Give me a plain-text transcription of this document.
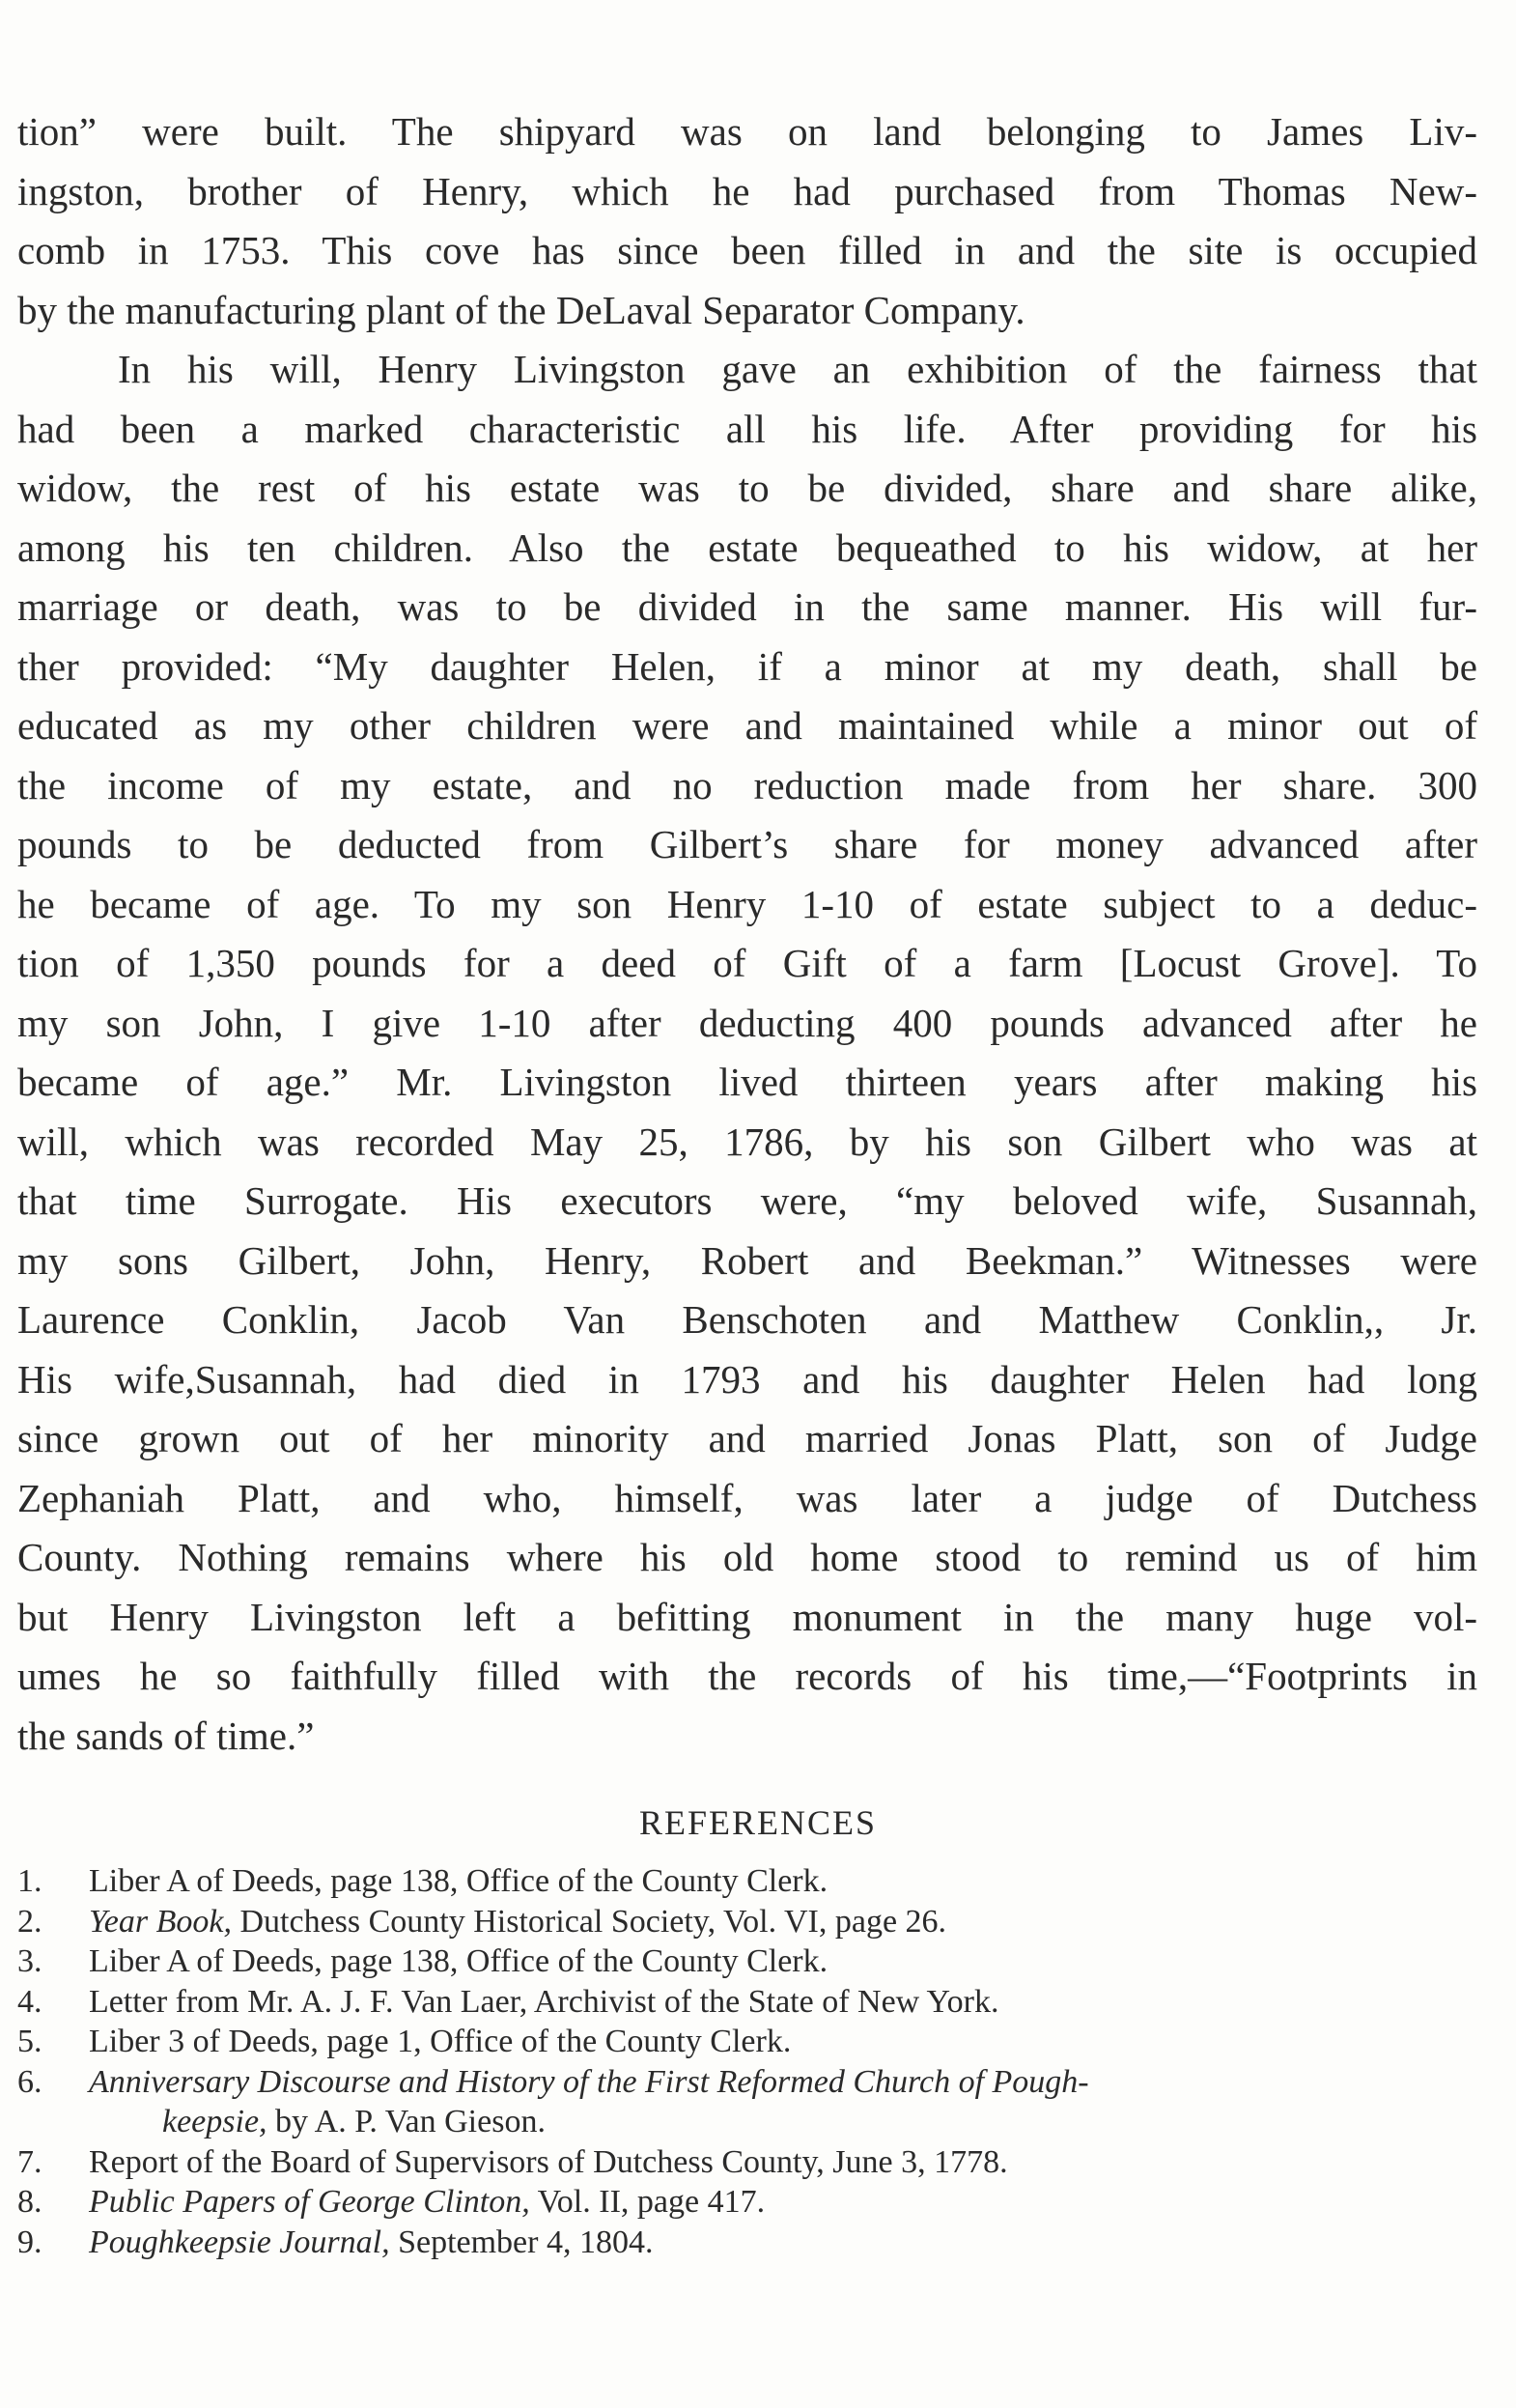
tion” were built. The shipyard was on land belonging to James Liv-
ingston, brother of Henry, which he had purchased from Thomas New-
comb in 1753. This cove has since been filled in and the site is occupied
by the manufacturing plant of the DeLaval Separator Company.
In his will, Henry Livingston gave an exhibition of the fairness that
had been a marked characteristic all his life. After providing for his
widow, the rest of his estate was to be divided, share and share alike,
among his ten children. Also the estate bequeathed to his widow, at her
marriage or death, was to be divided in the same manner. His will fur-
ther provided: “My daughter Helen, if a minor at my death, shall be
educated as my other children were and maintained while a minor out of
the income of my estate, and no reduction made from her share. 300
pounds to be deducted from Gilbert’s share for money advanced after
he became of age. To my son Henry 1-10 of estate subject to a deduc-
tion of 1,350 pounds for a deed of Gift of a farm [Locust Grove]. To
my son John, I give 1-10 after deducting 400 pounds advanced after he
became of age.” Mr. Livingston lived thirteen years after making his
will, which was recorded May 25, 1786, by his son Gilbert who was at
that time Surrogate. His executors were, “my beloved wife, Susannah,
my sons Gilbert, John, Henry, Robert and Beekman.” Witnesses were
Laurence Conklin, Jacob Van Benschoten and Matthew Conklin,, Jr.
His wife,Susannah, had died in 1793 and his daughter Helen had long
since grown out of her minority and married Jonas Platt, son of Judge
Zephaniah Platt, and who, himself, was later a judge of Dutchess
County. Nothing remains where his old home stood to remind us of him
but Henry Livingston left a befitting monument in the many huge vol-
umes he so faithfully filled with the records of his time,—“Footprints in
the sands of time.”
REFERENCES
1.	Liber A of Deeds, page 138, Office of the County Clerk.
2.	Year Book, Dutchess County Historical Society, Vol. VI, page 26.
3.	Liber A of Deeds, page 138, Office of the County Clerk.
4.	Letter from Mr. A. J. F. Van Laer, Archivist of the State of New York.
5.	Liber 3 of Deeds, page 1, Office of the County Clerk.
6.	Anniversary Discourse and History of the First Reformed Church of Pough-
keepsie, by A. P. Van Gieson.
7.	Report of the Board of Supervisors of Dutchess County, June 3, 1778.
8.	Public Papers of George Clinton, Vol. II, page 417.
9.	Poughkeepsie Journal, September 4, 1804.
